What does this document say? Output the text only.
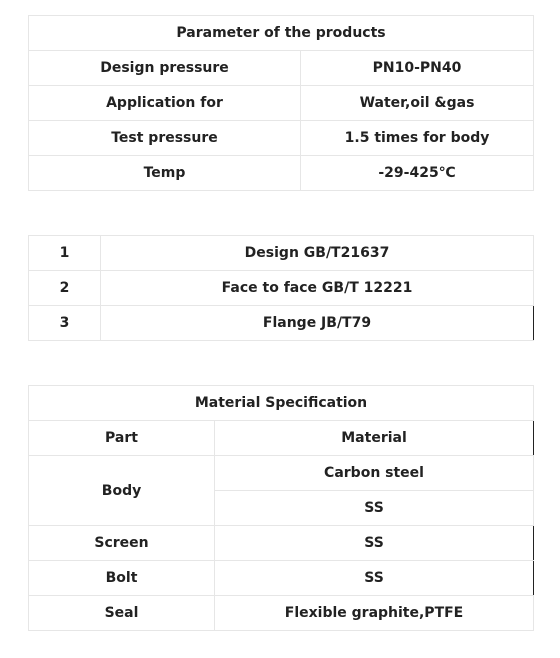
Parameter of the products	
Design pressure	PN10-PN40
Application for	Water,oil &gas
Test pressure	1.5 times for body
Temp	-29-425℃
1	Design GB/T21637
2	Face to face GB/T 12221
3	Flange JB/T79
Material Specification	
Part	Material
Body	Carbon steel
	SS
Screen	SS
Bolt	SS
Seal	Flexible graphite,PTFE
